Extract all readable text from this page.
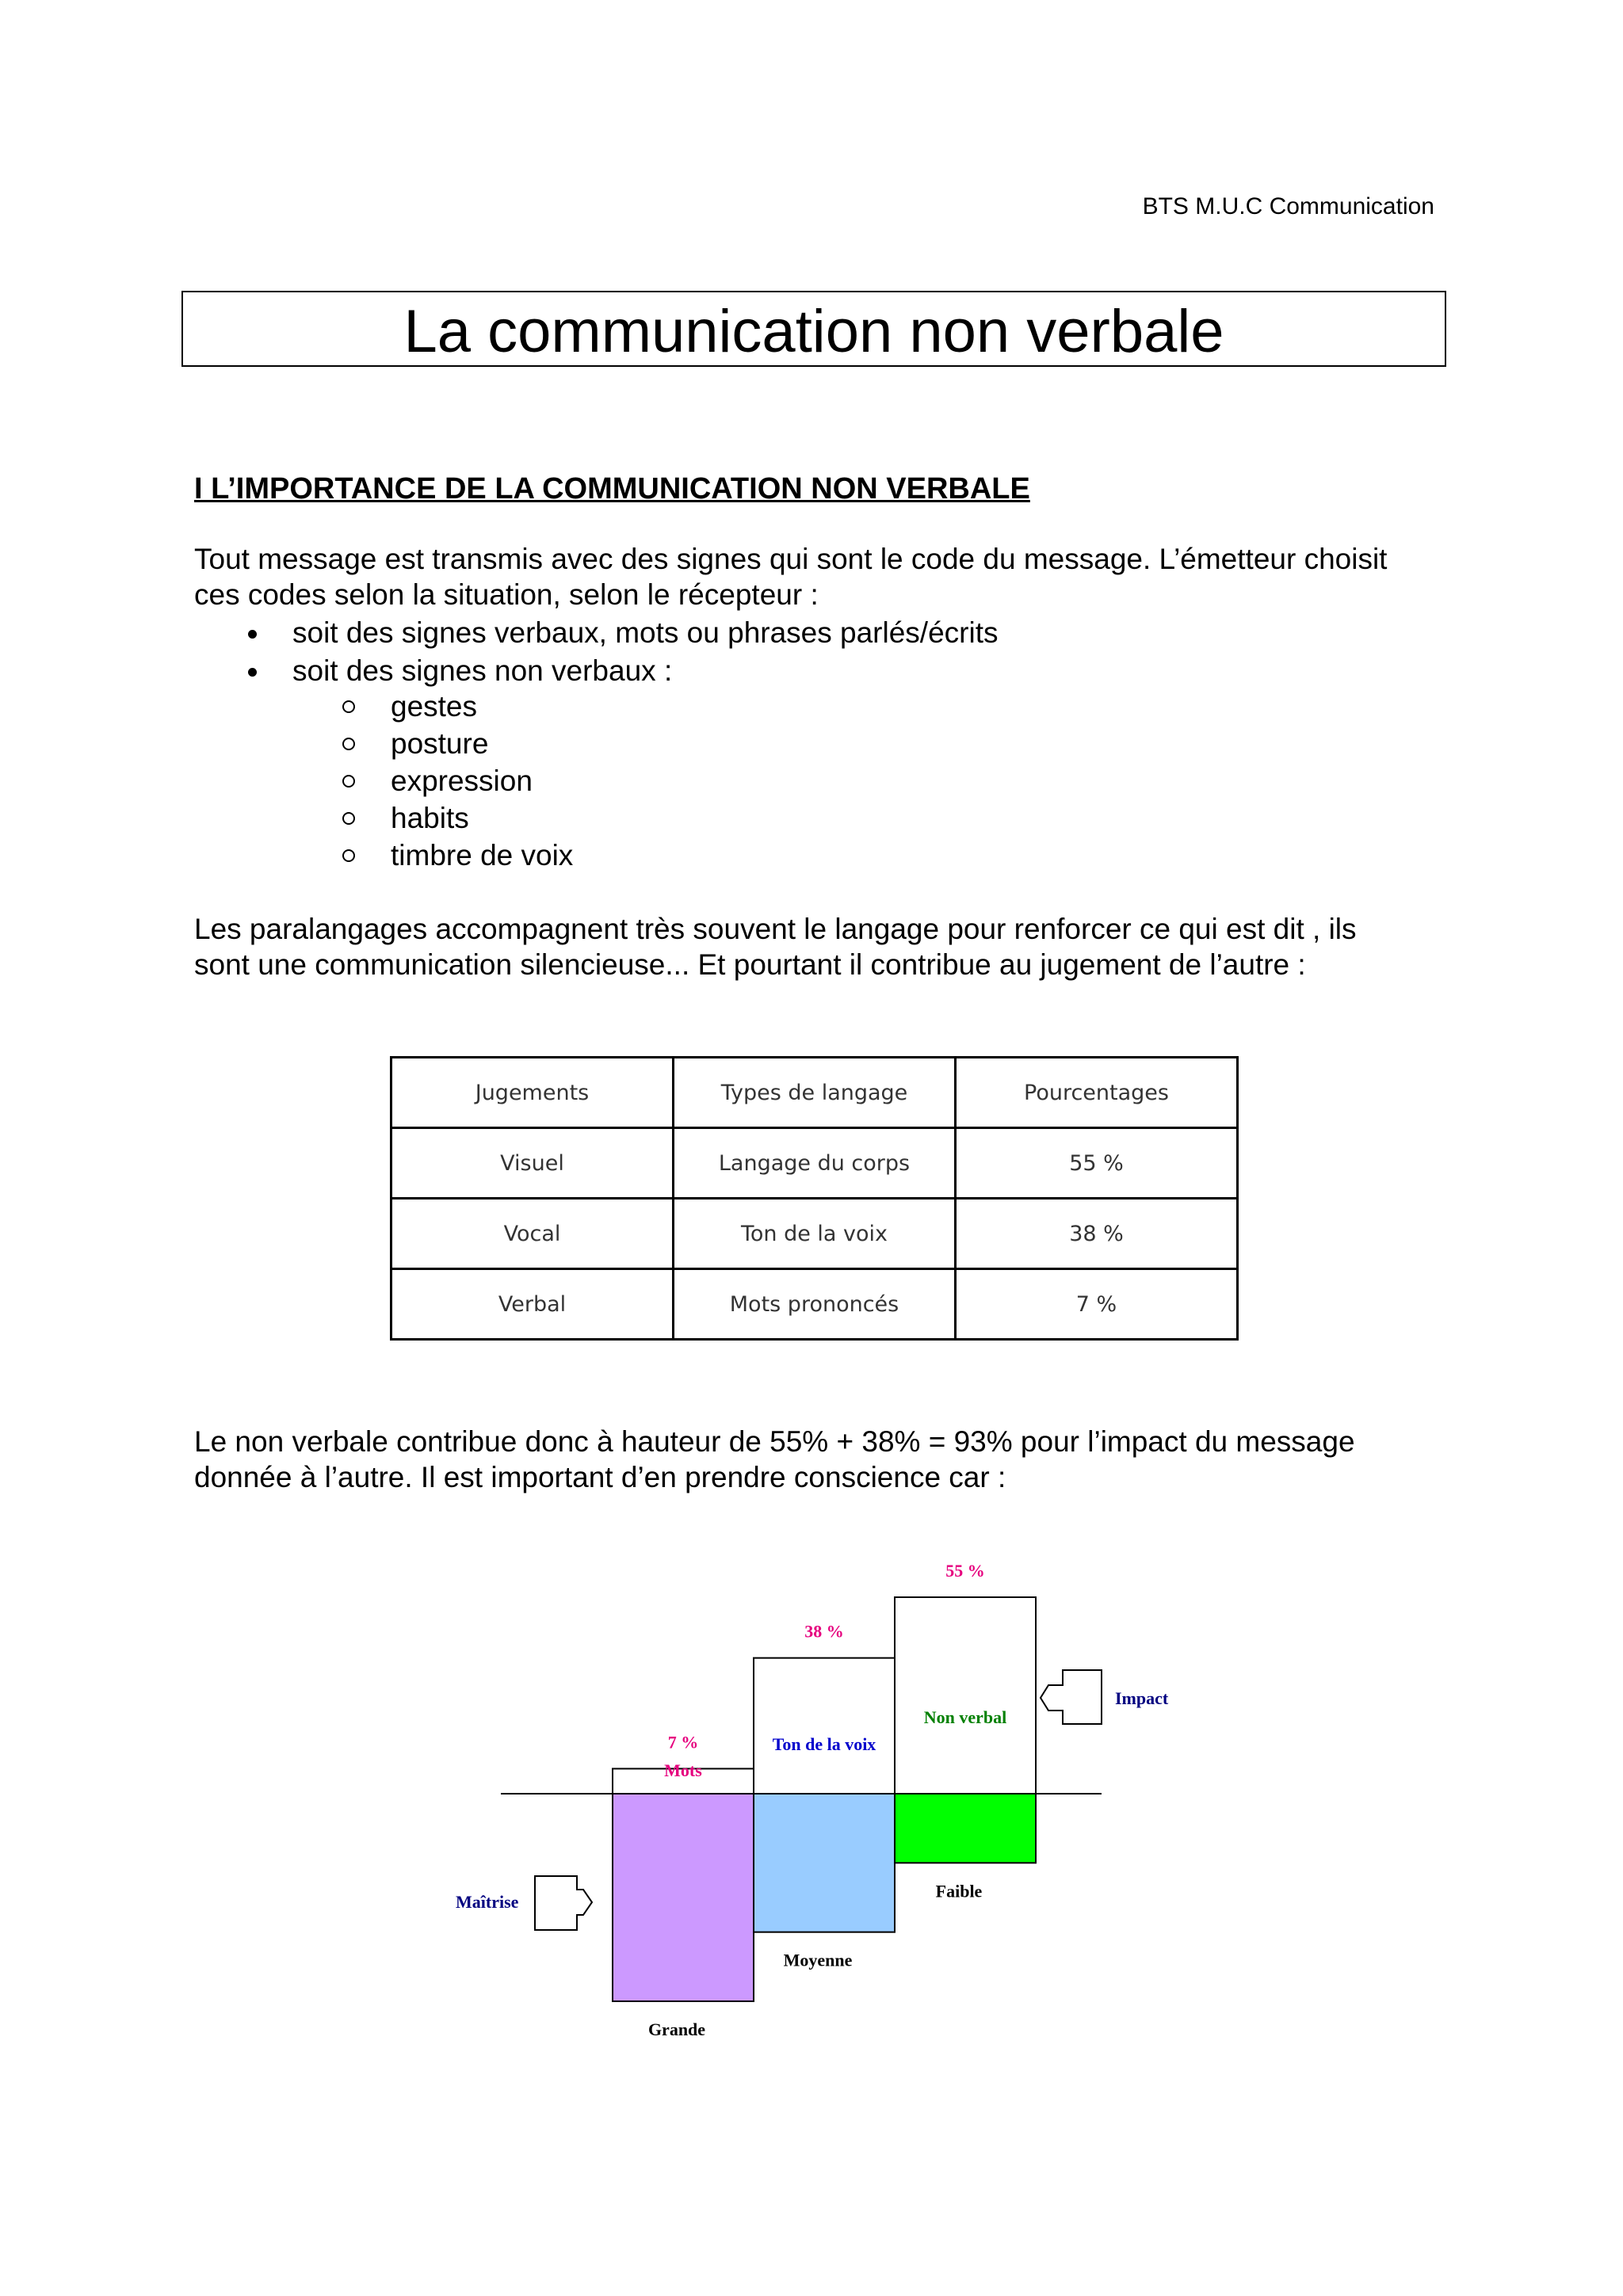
BTS M.U.C Communication
La communication non verbale
I L’IMPORTANCE DE LA COMMUNICATION NON VERBALE
Tout message est transmis avec des signes qui sont le code du message. L’émetteur choisit
ces codes selon la situation, selon le récepteur :
soit des signes verbaux, mots ou phrases parlés/écrits
soit des signes non verbaux :
gestes
posture
expression
habits
timbre de voix
Les paralangages accompagnent très souvent le langage pour renforcer ce qui est dit , ils
sont une communication silencieuse... Et pourtant il contribue au jugement de l’autre :
Jugements	Types de langage	Pourcentages
Visuel	Langage du corps	55 %
Vocal	Ton de la voix	38 %
Verbal	Mots prononcés	7 %
Le non verbale contribue donc à hauteur de 55% + 38% = 93% pour l’impact du message
donnée à l’autre. Il est important d’en prendre conscience car :
7 %
Mots
Grande
38 %
Ton de la voix
Moyenne
55 %
Non verbal
Faible
Impact
Maîtrise
